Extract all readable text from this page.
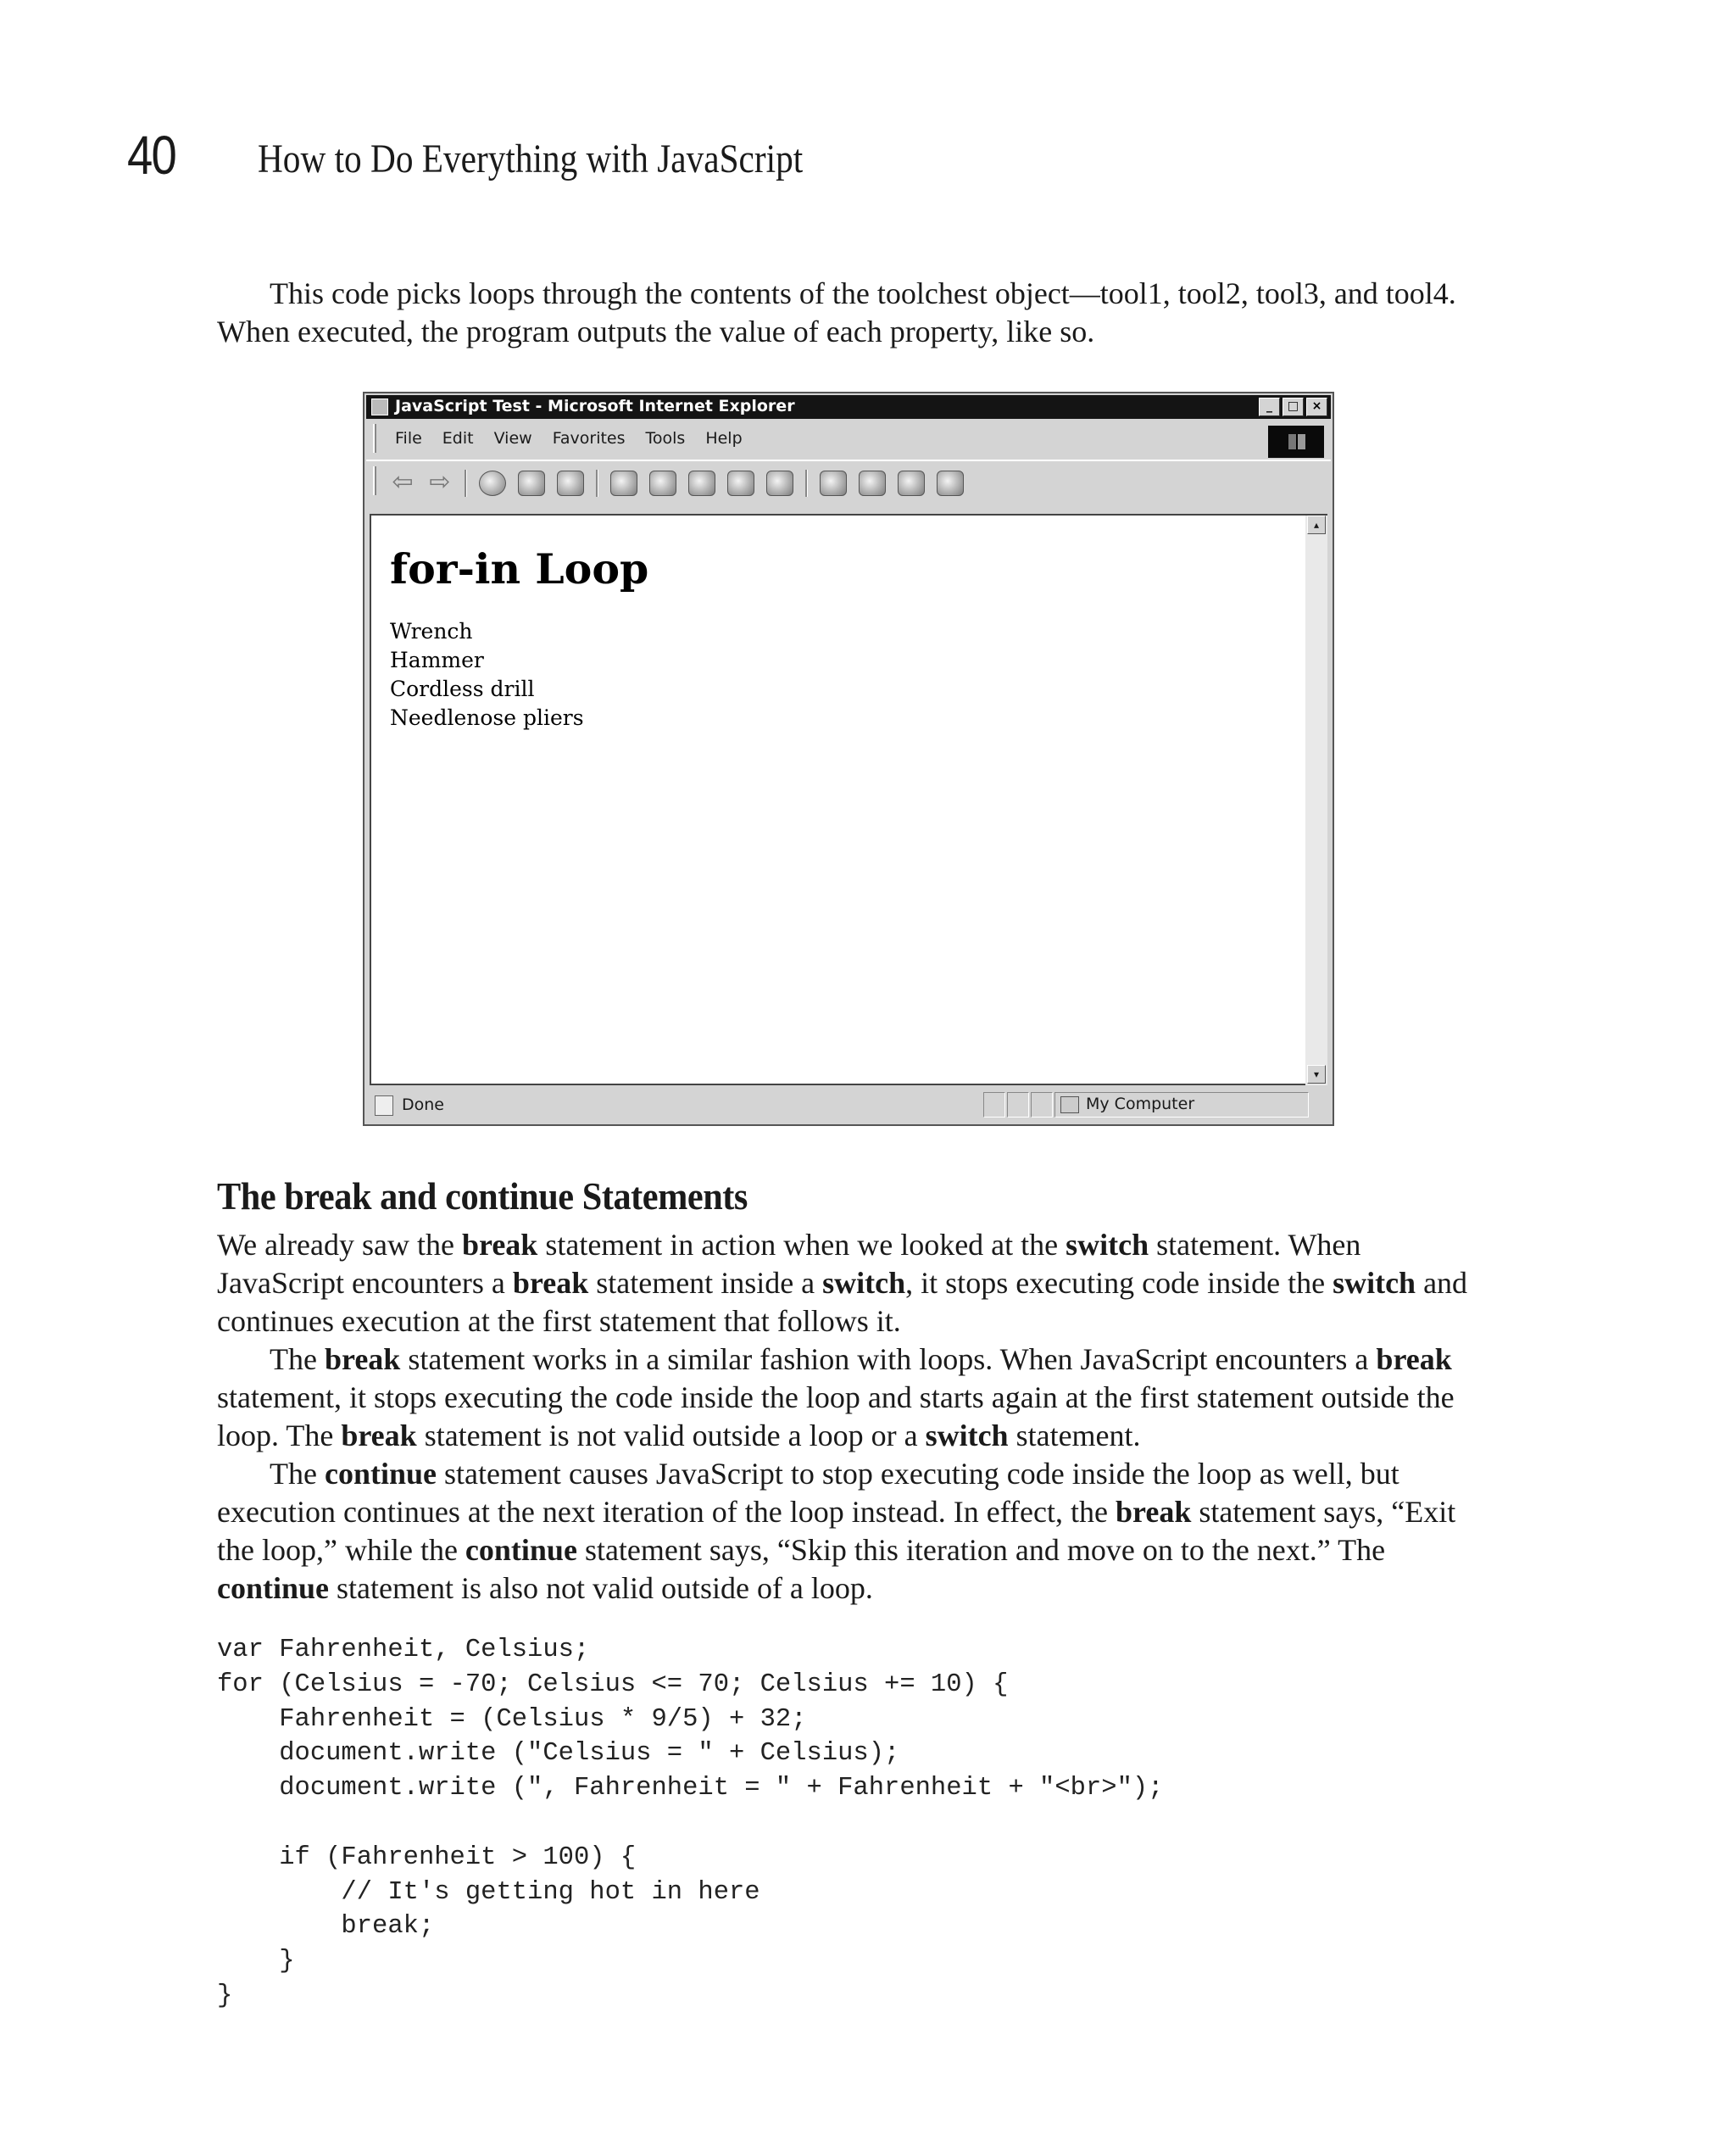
40 How to Do Everything with JavaScript

This code picks loops through the contents of the toolchest object—tool1, tool2, tool3, and tool4. When executed, the program outputs the value of each property, like so.

JavaScript Test - Microsoft Internet Explorer	_	□	×
File Edit View Favorites Tools Help
⇦ ⇨
for-in Loop
Wrench
Hammer
Cordless drill
Needlenose pliers
▴
▾
Done	My Computer
The break and continue Statements

We already saw the break statement in action when we looked at the switch statement. When JavaScript encounters a break statement inside a switch, it stops executing code inside the switch and continues execution at the first statement that follows it.

The break statement works in a similar fashion with loops. When JavaScript encounters a break statement, it stops executing the code inside the loop and starts again at the first statement outside the loop. The break statement is not valid outside a loop or a switch statement.

The continue statement causes JavaScript to stop executing code inside the loop as well, but execution continues at the next iteration of the loop instead. In effect, the break statement says, “Exit the loop,” while the continue statement says, “Skip this iteration and move on to the next.” The continue statement is also not valid outside of a loop.

var Fahrenheit, Celsius;
for (Celsius = -70; Celsius <= 70; Celsius += 10) {
Fahrenheit = (Celsius * 9/5) + 32;
document.write ("Celsius = " + Celsius);
document.write (", Fahrenheit = " + Fahrenheit + "<br>");
if (Fahrenheit > 100) {
// It's getting hot in here
break;
}
}
